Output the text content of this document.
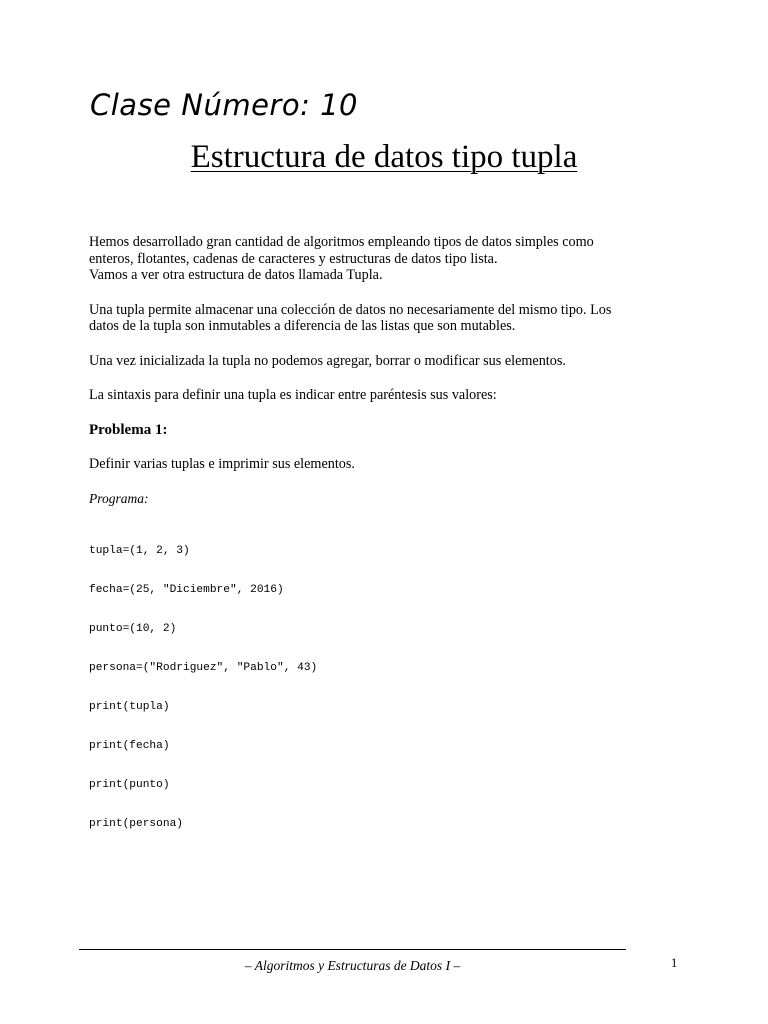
Clase Número: 10
Estructura de datos tipo tupla

Hemos desarrollado gran cantidad de algoritmos empleando tipos de datos simples como

enteros, flotantes, cadenas de caracteres y estructuras de datos tipo lista.

Vamos a ver otra estructura de datos llamada Tupla.

Una tupla permite almacenar una colección de datos no necesariamente del mismo tipo. Los

datos de la tupla son inmutables a diferencia de las listas que son mutables.

Una vez inicializada la tupla no podemos agregar, borrar o modificar sus elementos.

La sintaxis para definir una tupla es indicar entre paréntesis sus valores:

Problema 1:

Definir varias tuplas e imprimir sus elementos.

Programa:

tupla=(1, 2, 3)

fecha=(25, "Diciembre", 2016)

punto=(10, 2)

persona=("Rodriguez", "Pablo", 43)

print(tupla)

print(fecha)

print(punto)

print(persona)

– Algoritmos y Estructuras de Datos I –	1
